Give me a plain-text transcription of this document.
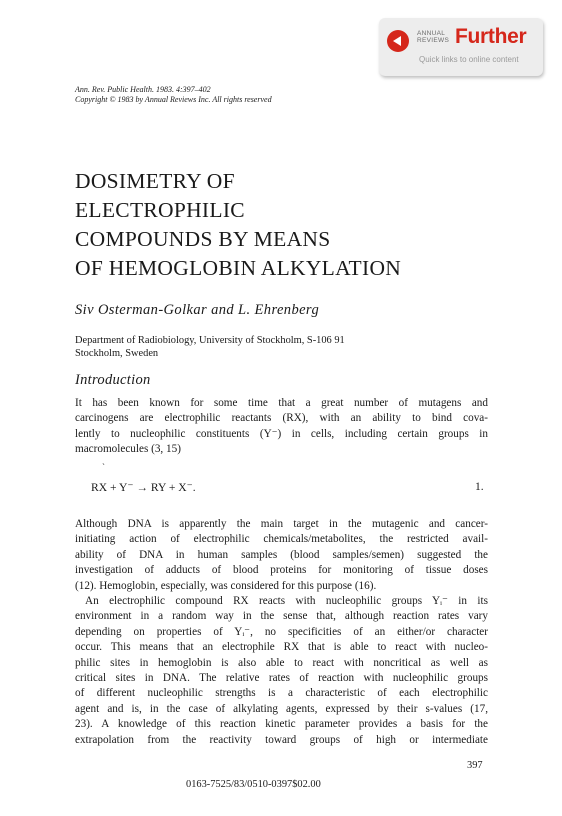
ANNUAL
REVIEWS Further
Quick links to online content
Ann. Rev. Public Health. 1983. 4:397–402
Copyright © 1983 by Annual Reviews Inc. All rights reserved
DOSIMETRY OF
ELECTROPHILIC
COMPOUNDS BY MEANS
OF HEMOGLOBIN ALKYLATION
Siv Osterman-Golkar and L. Ehrenberg
Department of Radiobiology, University of Stockholm, S-106 91
Stockholm, Sweden
Introduction

It has been known for some time that a great number of mutagens and
carcinogens are electrophilic reactants (RX), with an ability to bind cova-
lently to nucleophilic constituents (Y⁻) in cells, including certain groups in
macromolecules (3, 15)

`
RX + Y⁻ → RY + X⁻.	1.

Although DNA is apparently the main target in the mutagenic and cancer-
initiating action of electrophilic chemicals/metabolites, the restricted avail-
ability of DNA in human samples (blood samples/semen) suggested the
investigation of adducts of blood proteins for monitoring of tissue doses
(12). Hemoglobin, especially, was considered for this purpose (16).
An electrophilic compound RX reacts with nucleophilic groups Yᵢ⁻ in its
environment in a random way in the sense that, although reaction rates vary
depending on properties of Yᵢ⁻, no specificities of an either/or character
occur. This means that an electrophile RX that is able to react with nucleo-
philic sites in hemoglobin is also able to react with noncritical as well as
critical sites in DNA. The relative rates of reaction with nucleophilic groups
of different nucleophilic strengths is a characteristic of each electrophilic
agent and is, in the case of alkylating agents, expressed by their s-values (17,
23). A knowledge of this reaction kinetic parameter provides a basis for the
extrapolation from the reactivity toward groups of high or intermediate

397
0163-7525/83/0510-0397$02.00
